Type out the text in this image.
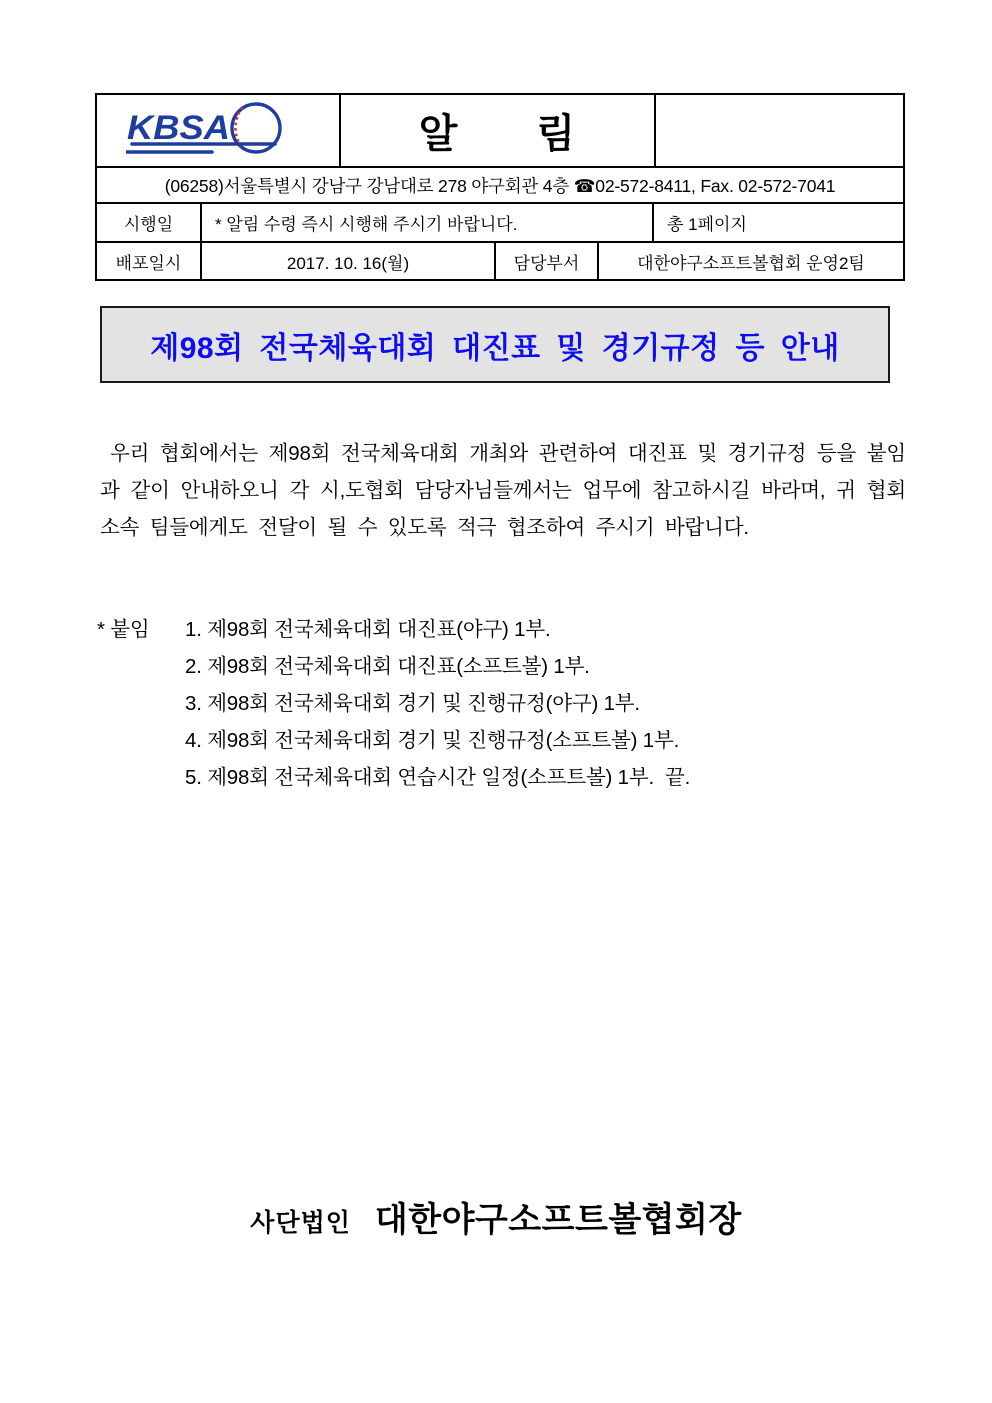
KBSA	알 림
(06258)서울특별시 강남구 강남대로 278 야구회관 4층 ☎02-572-8411, Fax. 02-572-7041
시행일	* 알림 수령 즉시 시행해 주시기 바랍니다.	총 1페이지
배포일시	2017. 10. 16(월)	담당부서	대한야구소프트볼협회 운영2팀
제98회 전국체육대회 대진표 및 경기규정 등 안내
우리 협회에서는 제98회 전국체육대회 개최와 관련하여 대진표 및 경기규정 등을 붙임과 같이 안내하오니 각 시,도협회 담당자님들께서는 업무에 참고하시길 바라며, 귀 협회 소속 팀들에게도 전달이 될 수 있도록 적극 협조하여 주시기 바랍니다.
* 붙임	1. 제98회 전국체육대회 대진표(야구) 1부.
2. 제98회 전국체육대회 대진표(소프트볼) 1부.
3. 제98회 전국체육대회 경기 및 진행규정(야구) 1부.
4. 제98회 전국체육대회 경기 및 진행규정(소프트볼) 1부.
5. 제98회 전국체육대회 연습시간 일정(소프트볼) 1부.  끝.
사단법인 대한야구소프트볼협회장
